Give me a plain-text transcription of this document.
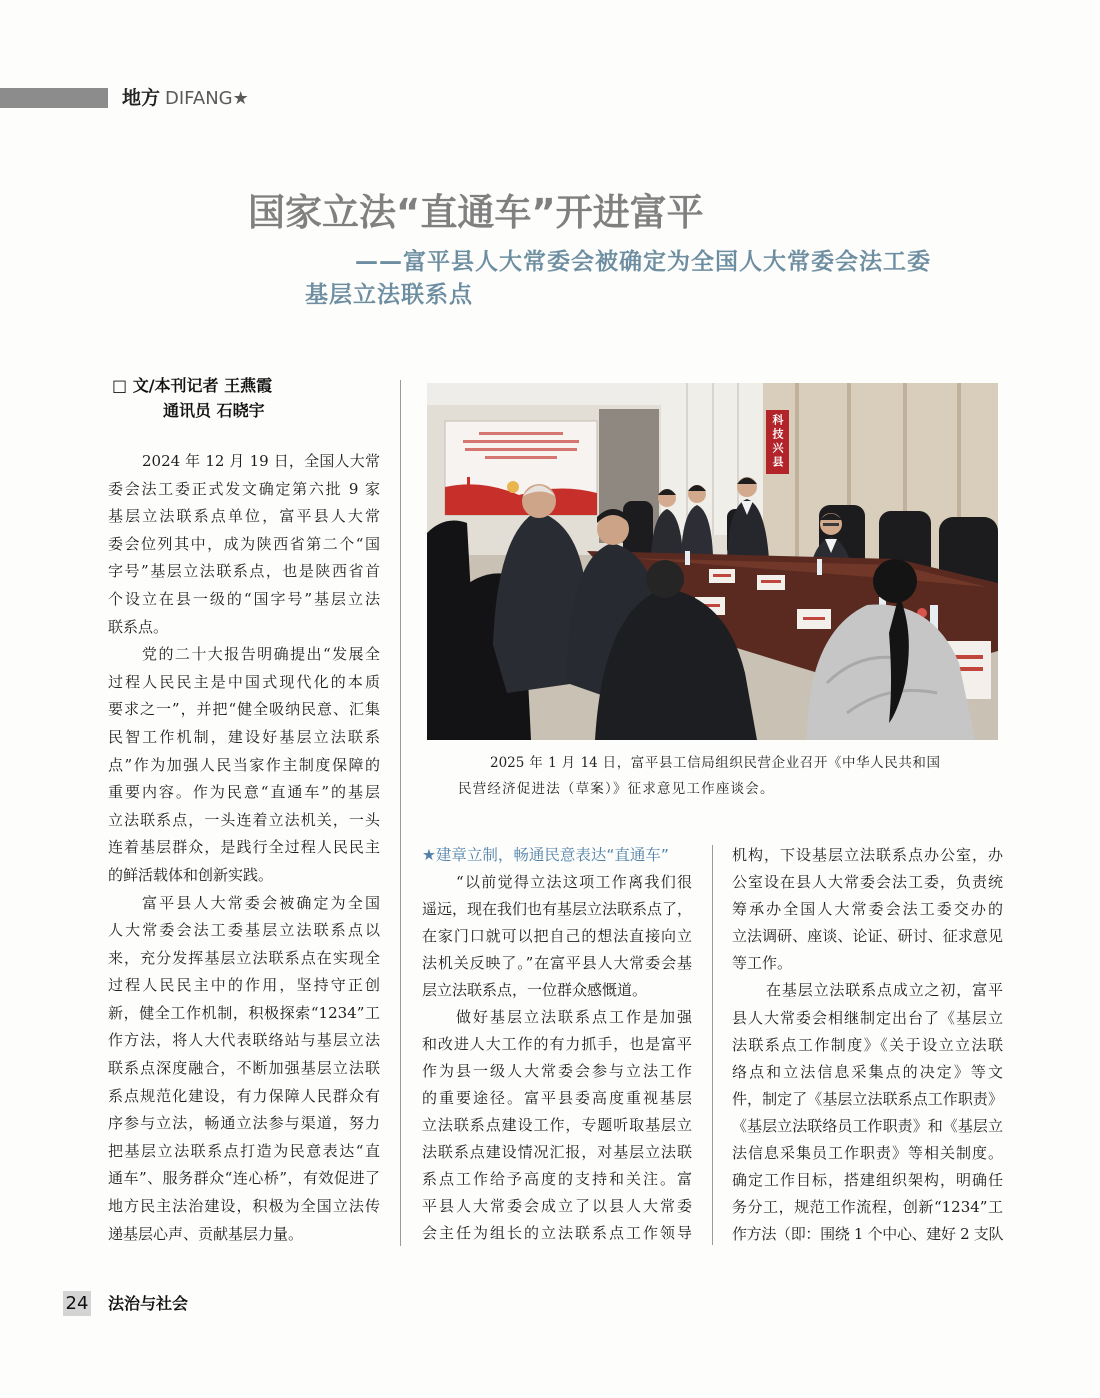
地方 DIFANG★
国家立法“直通车”开进富平
——富平县人大常委会被确定为全国人大常委会法工委
基层立法联系点
□ 文/本刊记者 王燕霞
通讯员 石晓宇
科技兴县
2025 年 1 月 14 日，富平县工信局组织民营企业召开《中华人民共和国
民营经济促进法（草案）》征求意见工作座谈会。
2024 年 12 月 19 日，全国人大常
委会法工委正式发文确定第六批 9 家
基层立法联系点单位，富平县人大常
委会位列其中，成为陕西省第二个“国
字号”基层立法联系点，也是陕西省首
个设立在县一级的“国字号”基层立法
联系点。
党的二十大报告明确提出“发展全
过程人民民主是中国式现代化的本质
要求之一”，并把“健全吸纳民意、汇集
民智工作机制，建设好基层立法联系
点”作为加强人民当家作主制度保障的
重要内容。作为民意“直通车”的基层
立法联系点，一头连着立法机关，一头
连着基层群众，是践行全过程人民民主
的鲜活载体和创新实践。
富平县人大常委会被确定为全国
人大常委会法工委基层立法联系点以
来，充分发挥基层立法联系点在实现全
过程人民民主中的作用，坚持守正创
新，健全工作机制，积极探索“1234”工
作方法，将人大代表联络站与基层立法
联系点深度融合，不断加强基层立法联
系点规范化建设，有力保障人民群众有
序参与立法，畅通立法参与渠道，努力
把基层立法联系点打造为民意表达“直
通车”、服务群众“连心桥”，有效促进了
地方民主法治建设，积极为全国立法传
递基层心声、贡献基层力量。
★建章立制，畅通民意表达“直通车”
“以前觉得立法这项工作离我们很
遥远，现在我们也有基层立法联系点了，
在家门口就可以把自己的想法直接向立
法机关反映了。”在富平县人大常委会基
层立法联系点，一位群众感慨道。
做好基层立法联系点工作是加强
和改进人大工作的有力抓手，也是富平
作为县一级人大常委会参与立法工作
的重要途径。富平县委高度重视基层
立法联系点建设工作，专题听取基层立
法联系点建设情况汇报，对基层立法联
系点工作给予高度的支持和关注。富
平县人大常委会成立了以县人大常委
会主任为组长的立法联系点工作领导
机构，下设基层立法联系点办公室，办
公室设在县人大常委会法工委，负责统
筹承办全国人大常委会法工委交办的
立法调研、座谈、论证、研讨、征求意见
等工作。
在基层立法联系点成立之初，富平
县人大常委会相继制定出台了《基层立
法联系点工作制度》《关于设立立法联
络点和立法信息采集点的决定》等文
件，制定了《基层立法联系点工作职责》
《基层立法联络员工作职责》和《基层立
法信息采集员工作职责》等相关制度。
确定工作目标，搭建组织架构，明确任
务分工，规范工作流程，创新“1234”工
作方法（即：围绕 1 个中心、建好 2 支队
24 法治与社会
